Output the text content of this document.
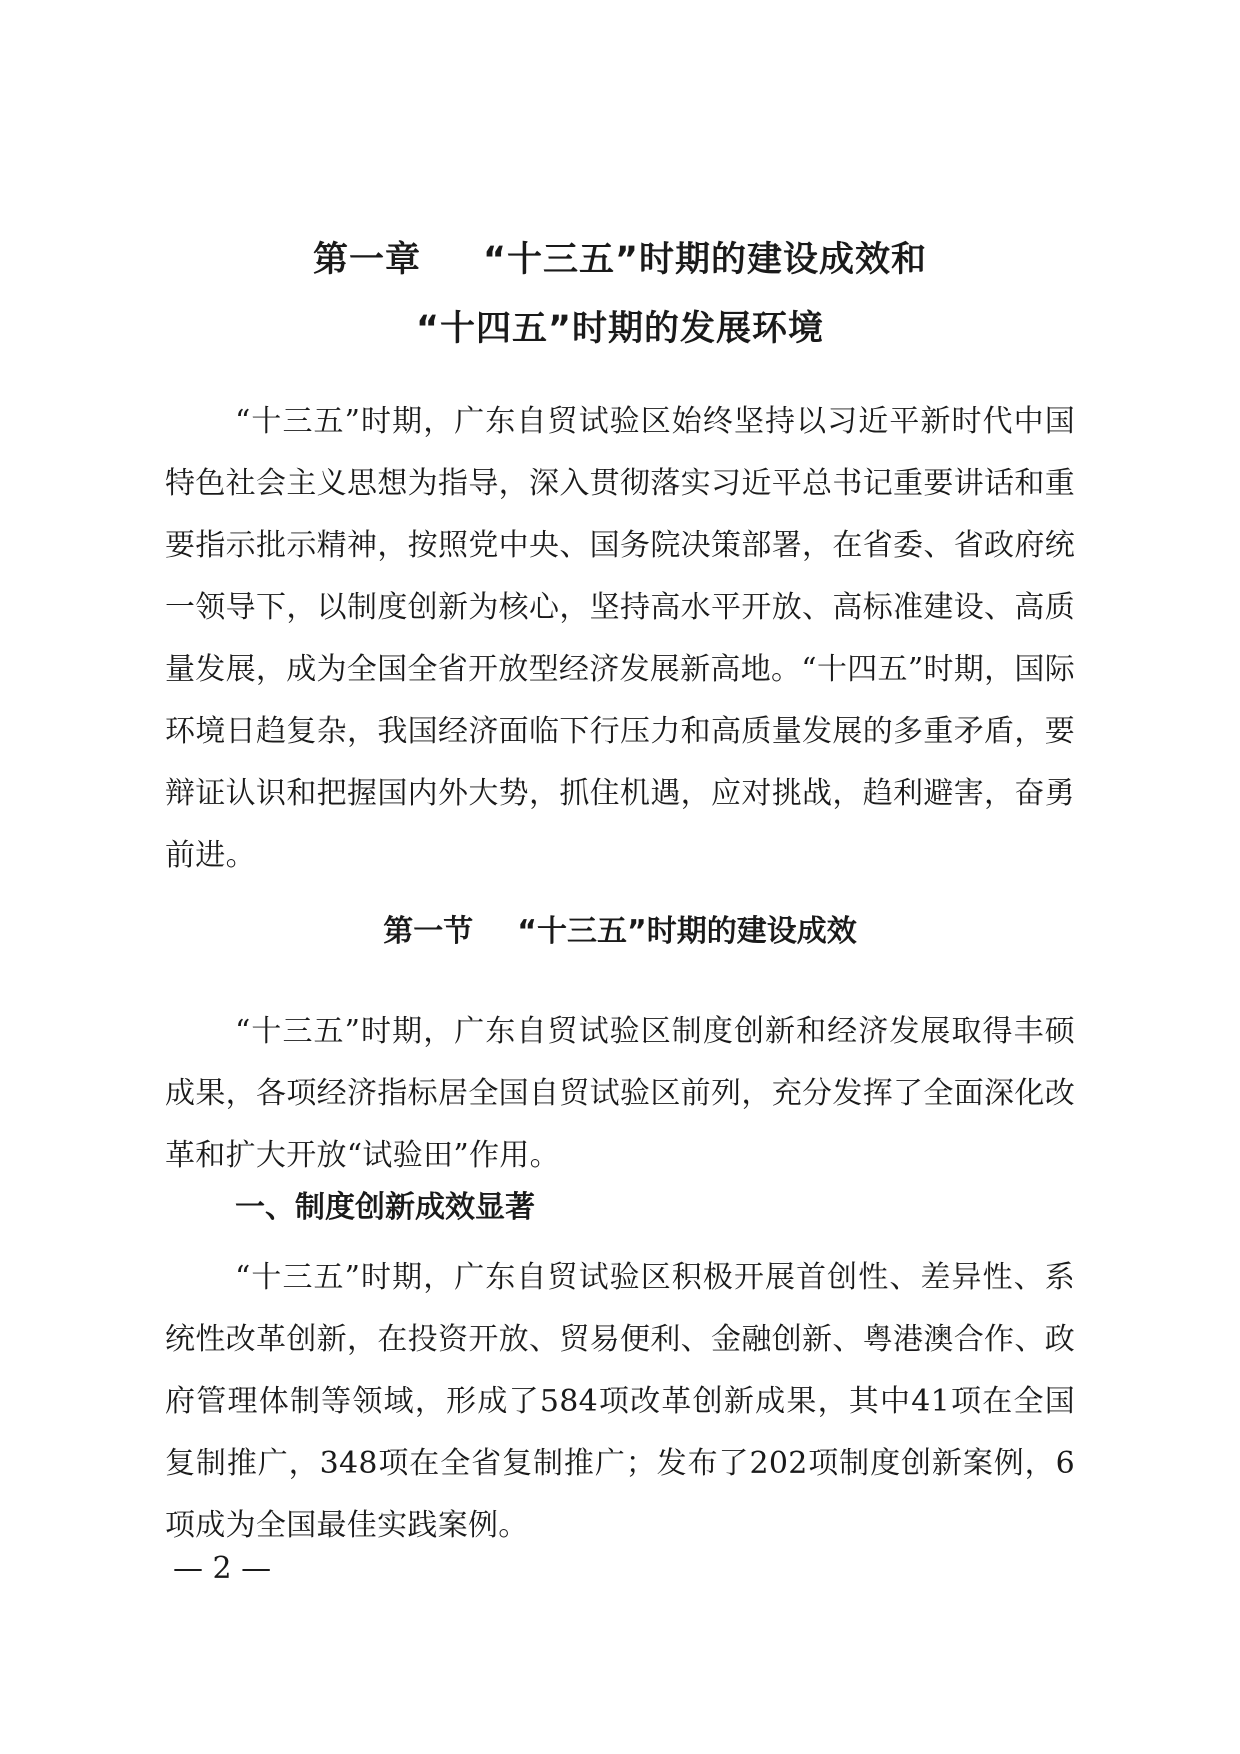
第一章 “十三五”时期的建设成效和
“十四五”时期的发展环境

“十三五”时期，广东自贸试验区始终坚持以习近平新时代中国特色社会主义思想为指导，深入贯彻落实习近平总书记重要讲话和重要指示批示精神，按照党中央、国务院决策部署，在省委、省政府统一领导下，以制度创新为核心，坚持高水平开放、高标准建设、高质量发展，成为全国全省开放型经济发展新高地。“十四五”时期，国际环境日趋复杂，我国经济面临下行压力和高质量发展的多重矛盾，要辩证认识和把握国内外大势，抓住机遇，应对挑战，趋利避害，奋勇前进。

第一节 “十三五”时期的建设成效

“十三五”时期，广东自贸试验区制度创新和经济发展取得丰硕成果，各项经济指标居全国自贸试验区前列，充分发挥了全面深化改革和扩大开放“试验田”作用。

一、制度创新成效显著

“十三五”时期，广东自贸试验区积极开展首创性、差异性、系统性改革创新，在投资开放、贸易便利、金融创新、粤港澳合作、政府管理体制等领域，形成了584项改革创新成果，其中41项在全国复制推广，348项在全省复制推广；发布了202项制度创新案例，6项成为全国最佳实践案例。

— 2 —
